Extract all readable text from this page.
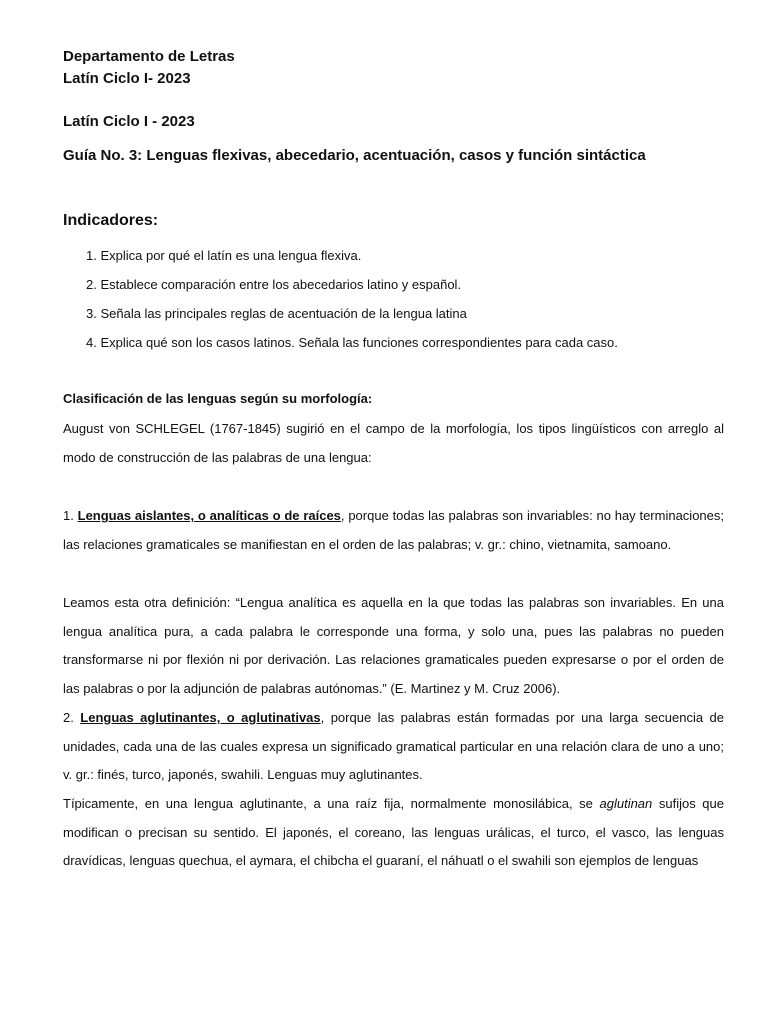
Departamento de Letras
Latín Ciclo I- 2023
Latín Ciclo I - 2023
Guía No. 3: Lenguas flexivas, abecedario, acentuación, casos y función sintáctica
Indicadores:
1. Explica por qué el latín es una lengua flexiva.
2. Establece comparación entre los abecedarios latino y español.
3. Señala las principales reglas de acentuación de la lengua latina
4. Explica qué son los casos latinos. Señala las funciones correspondientes para cada caso.
Clasificación de las lenguas según su morfología:

August von SCHLEGEL (1767-1845) sugirió en el campo de la morfología, los tipos lingüísticos con arreglo al modo de construcción de las palabras de una lengua:

1. Lenguas aislantes, o analíticas o de raíces, porque todas las palabras son invariables: no hay terminaciones; las relaciones gramaticales se manifiestan en el orden de las palabras; v. gr.: chino, vietnamita, samoano.

Leamos esta otra definición: “Lengua analítica es aquella en la que todas las palabras son invariables. En una lengua analítica pura, a cada palabra le corresponde una forma, y solo una, pues las palabras no pueden transformarse ni por flexión ni por derivación. Las relaciones gramaticales pueden expresarse o por el orden de las palabras o por la adjunción de palabras autónomas.” (E. Martinez y M. Cruz 2006).

2. Lenguas aglutinantes, o aglutinativas, porque las palabras están formadas por una larga secuencia de unidades, cada una de las cuales expresa un significado gramatical particular en una relación clara de uno a uno; v. gr.: finés, turco, japonés, swahili. Lenguas muy aglutinantes.

Típicamente, en una lengua aglutinante, a una raíz fija, normalmente monosilábica, se aglutinan sufijos que modifican o precisan su sentido. El japonés, el coreano, las lenguas urálicas, el turco, el vasco, las lenguas dravídicas, lenguas quechua, el aymara, el chibcha el guaraní, el náhuatl o el swahili son ejemplos de lenguas
